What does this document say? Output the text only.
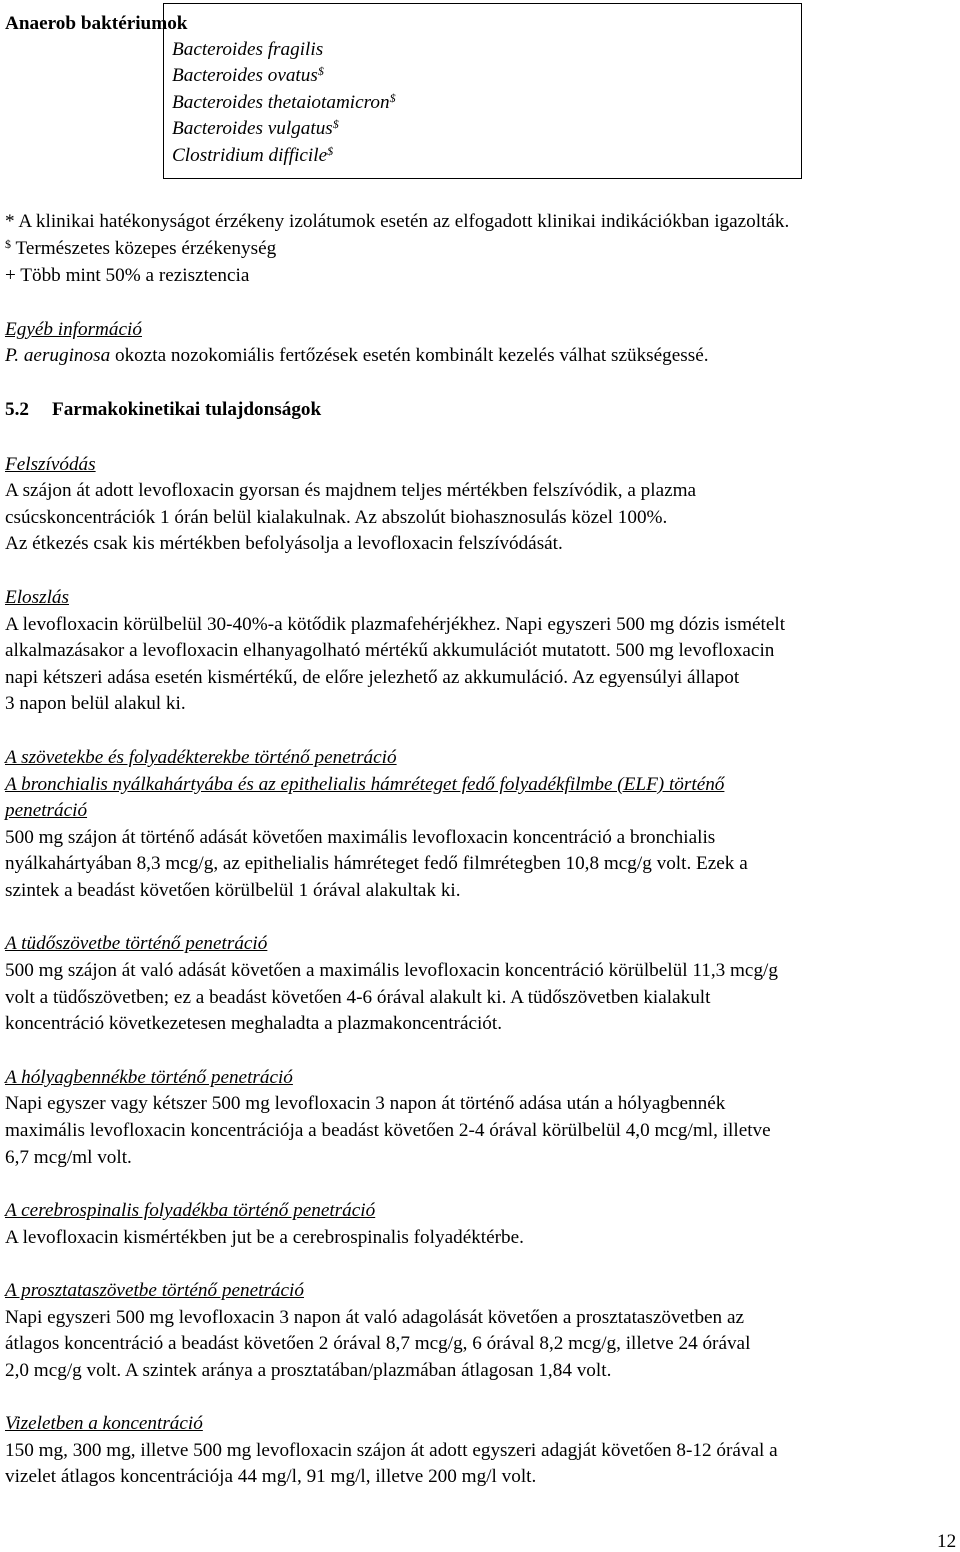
Anaerob baktériumok
Bacteroides fragilis
Bacteroides ovatus$
Bacteroides thetaiotamicron$
Bacteroides vulgatus$
Clostridium difficile$
* A klinikai hatékonyságot érzékeny izolátumok esetén az elfogadott klinikai indikációkban igazolták.
$ Természetes közepes érzékenység
+ Több mint 50% a rezisztencia
Egyéb információ
P. aeruginosa okozta nozokomiális fertőzések esetén kombinált kezelés válhat szükségessé.
5.2 Farmakokinetikai tulajdonságok
Felszívódás
A szájon át adott levofloxacin gyorsan és majdnem teljes mértékben felszívódik, a plazma
csúcskoncentrációk 1 órán belül kialakulnak. Az abszolút biohasznosulás közel 100%.
Az étkezés csak kis mértékben befolyásolja a levofloxacin felszívódását.
Eloszlás
A levofloxacin körülbelül 30-40%-a kötődik plazmafehérjékhez. Napi egyszeri 500 mg dózis ismételt
alkalmazásakor a levofloxacin elhanyagolható mértékű akkumulációt mutatott. 500 mg levofloxacin
napi kétszeri adása esetén kismértékű, de előre jelezhető az akkumuláció. Az egyensúlyi állapot
3 napon belül alakul ki.
A szövetekbe és folyadékterekbe történő penetráció
A bronchialis nyálkahártyába és az epithelialis hámréteget fedő folyadékfilmbe (ELF) történő
penetráció
500 mg szájon át történő adását követően maximális levofloxacin koncentráció a bronchialis
nyálkahártyában 8,3 mcg/g, az epithelialis hámréteget fedő filmrétegben 10,8 mcg/g volt. Ezek a
szintek a beadást követően körülbelül 1 órával alakultak ki.
A tüdőszövetbe történő penetráció
500 mg szájon át való adását követően a maximális levofloxacin koncentráció körülbelül 11,3 mcg/g
volt a tüdőszövetben; ez a beadást követően 4-6 órával alakult ki. A tüdőszövetben kialakult
koncentráció következetesen meghaladta a plazmakoncentrációt.
A hólyagbennékbe történő penetráció
Napi egyszer vagy kétszer 500 mg levofloxacin 3 napon át történő adása után a hólyagbennék
maximális levofloxacin koncentrációja a beadást követően 2-4 órával körülbelül 4,0 mcg/ml, illetve
6,7 mcg/ml volt.
A cerebrospinalis folyadékba történő penetráció
A levofloxacin kismértékben jut be a cerebrospinalis folyadéktérbe.
A prosztataszövetbe történő penetráció
Napi egyszeri 500 mg levofloxacin 3 napon át való adagolását követően a prosztataszövetben az
átlagos koncentráció a beadást követően 2 órával 8,7 mcg/g, 6 órával 8,2 mcg/g, illetve 24 órával
2,0 mcg/g volt. A szintek aránya a prosztatában/plazmában átlagosan 1,84 volt.
Vizeletben a koncentráció
150 mg, 300 mg, illetve 500 mg levofloxacin szájon át adott egyszeri adagját követően 8-12 órával a
vizelet átlagos koncentrációja 44 mg/l, 91 mg/l, illetve 200 mg/l volt.
12
